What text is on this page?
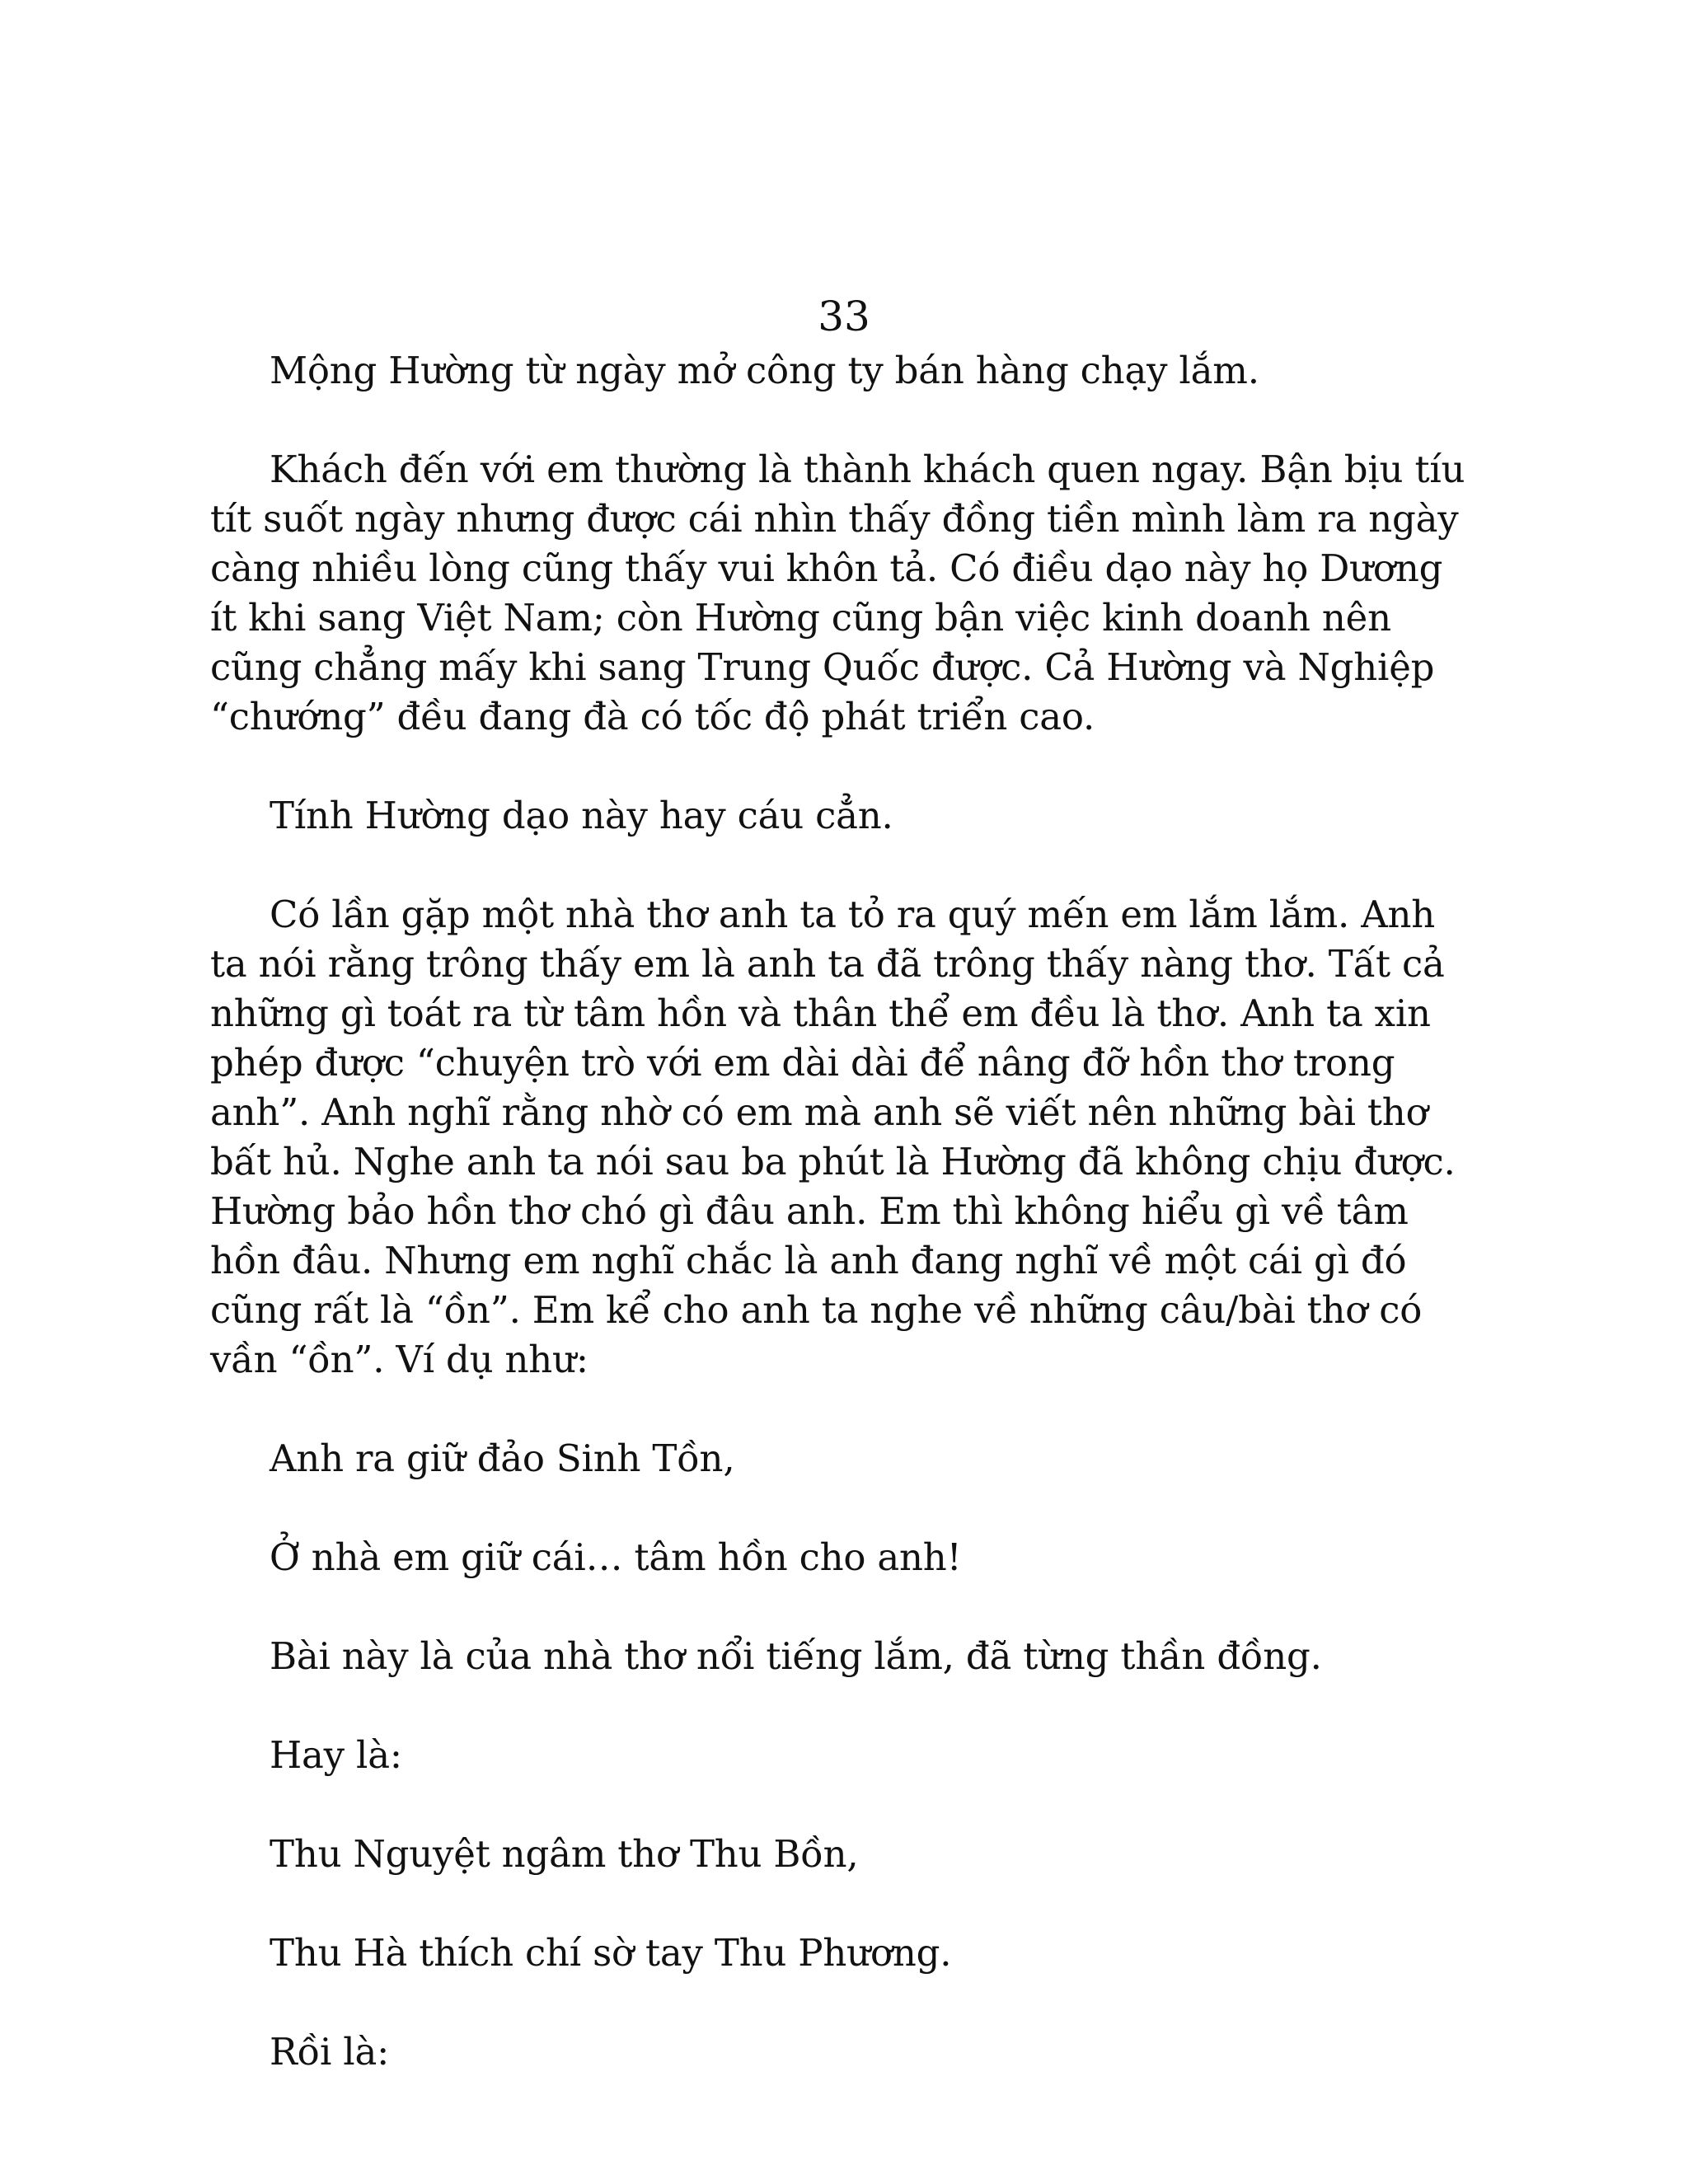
33

Mộng Hường từ ngày mở công ty bán hàng chạy lắm.

Khách đến với em thường là thành khách quen ngay. Bận bịu tíu tít suốt ngày nhưng được cái nhìn thấy đồng tiền mình làm ra ngày càng nhiều lòng cũng thấy vui khôn tả. Có điều dạo này họ Dương ít khi sang Việt Nam; còn Hường cũng bận việc kinh doanh nên cũng chẳng mấy khi sang Trung Quốc được. Cả Hường và Nghiệp “chướng” đều đang đà có tốc độ phát triển cao.

Tính Hường dạo này hay cáu cẳn.

Có lần gặp một nhà thơ anh ta tỏ ra quý mến em lắm lắm. Anh ta nói rằng trông thấy em là anh ta đã trông thấy nàng thơ. Tất cả những gì toát ra từ tâm hồn và thân thể em đều là thơ. Anh ta xin phép được “chuyện trò với em dài dài để nâng đỡ hồn thơ trong anh”. Anh nghĩ rằng nhờ có em mà anh sẽ viết nên những bài thơ bất hủ. Nghe anh ta nói sau ba phút là Hường đã không chịu được. Hường bảo hồn thơ chó gì đâu anh. Em thì không hiểu gì về tâm hồn đâu. Nhưng em nghĩ chắc là anh đang nghĩ về một cái gì đó cũng rất là “ồn”. Em kể cho anh ta nghe về những câu/bài thơ có vần “ồn”. Ví dụ như:

Anh ra giữ đảo Sinh Tồn,

Ở nhà em giữ cái… tâm hồn cho anh!

Bài này là của nhà thơ nổi tiếng lắm, đã từng thần đồng.

Hay là:

Thu Nguyệt ngâm thơ Thu Bồn,

Thu Hà thích chí sờ tay Thu Phương.

Rồi là:
